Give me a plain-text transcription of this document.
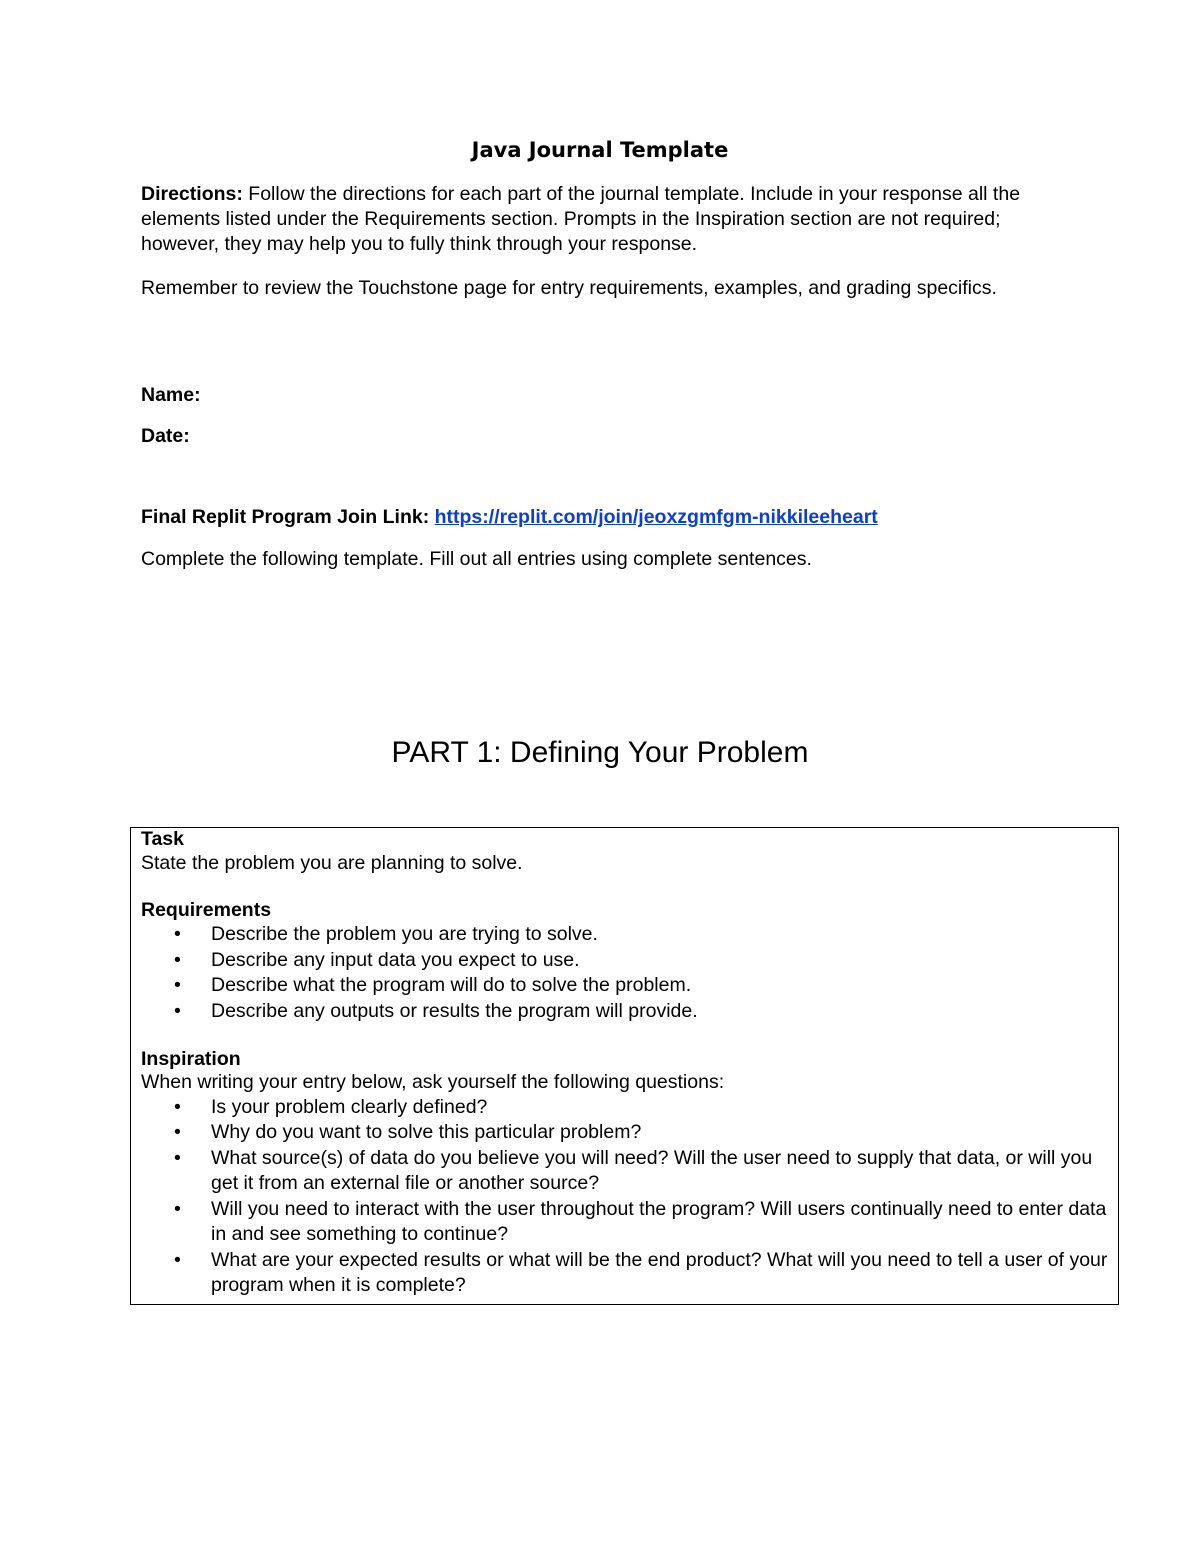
Java Journal Template
Directions: Follow the directions for each part of the journal template. Include in your response all the elements listed under the Requirements section. Prompts in the Inspiration section are not required; however, they may help you to fully think through your response.
Remember to review the Touchstone page for entry requirements, examples, and grading specifics.
Name:
Date:
Final Replit Program Join Link: https://replit.com/join/jeoxzgmfgm-nikkileeheart
Complete the following template. Fill out all entries using complete sentences.
PART 1: Defining Your Problem
Task
State the problem you are planning to solve.
Requirements
• Describe the problem you are trying to solve.
• Describe any input data you expect to use.
• Describe what the program will do to solve the problem.
• Describe any outputs or results the program will provide.
Inspiration
When writing your entry below, ask yourself the following questions:
• Is your problem clearly defined?
• Why do you want to solve this particular problem?
• What source(s) of data do you believe you will need? Will the user need to supply that data, or will you get it from an external file or another source?
• Will you need to interact with the user throughout the program? Will users continually need to enter data in and see something to continue?
• What are your expected results or what will be the end product? What will you need to tell a user of your program when it is complete?
